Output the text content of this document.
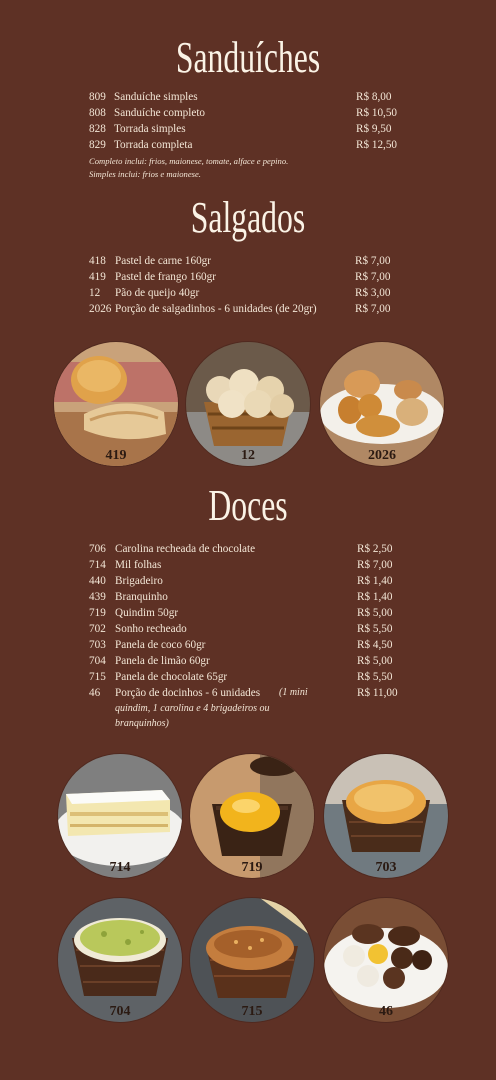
Sanduíches
809 Sanduíche simples	R$ 8,00
808 Sanduíche completo	R$ 10,50
828 Torrada simples	R$ 9,50
829 Torrada completa	R$ 12,50
Completo inclui: frios, maionese, tomate, alface e pepino.
Simples inclui: frios e maionese.
Salgados
418 Pastel de carne 160gr	R$ 7,00
419 Pastel de frango 160gr	R$ 7,00
12 Pão de queijo 40gr	R$ 3,00
2026 Porção de salgadinhos - 6 unidades (de 20gr)	R$ 7,00
419	12	2026
Doces
706 Carolina recheada de chocolate	R$ 2,50
714 Mil folhas	R$ 7,00
440 Brigadeiro	R$ 1,40
439 Branquinho	R$ 1,40
719 Quindim 50gr	R$ 5,00
702 Sonho recheado	R$ 5,50
703 Panela de coco 60gr	R$ 4,50
704 Panela de limão 60gr	R$ 5,00
715 Panela de chocolate 65gr	R$ 5,50
46 Porção de docinhos - 6 unidades (1 mini	R$ 11,00
quindim, 1 carolina e 4 brigadeiros ou
branquinhos)
714	719	703
704	715	46
